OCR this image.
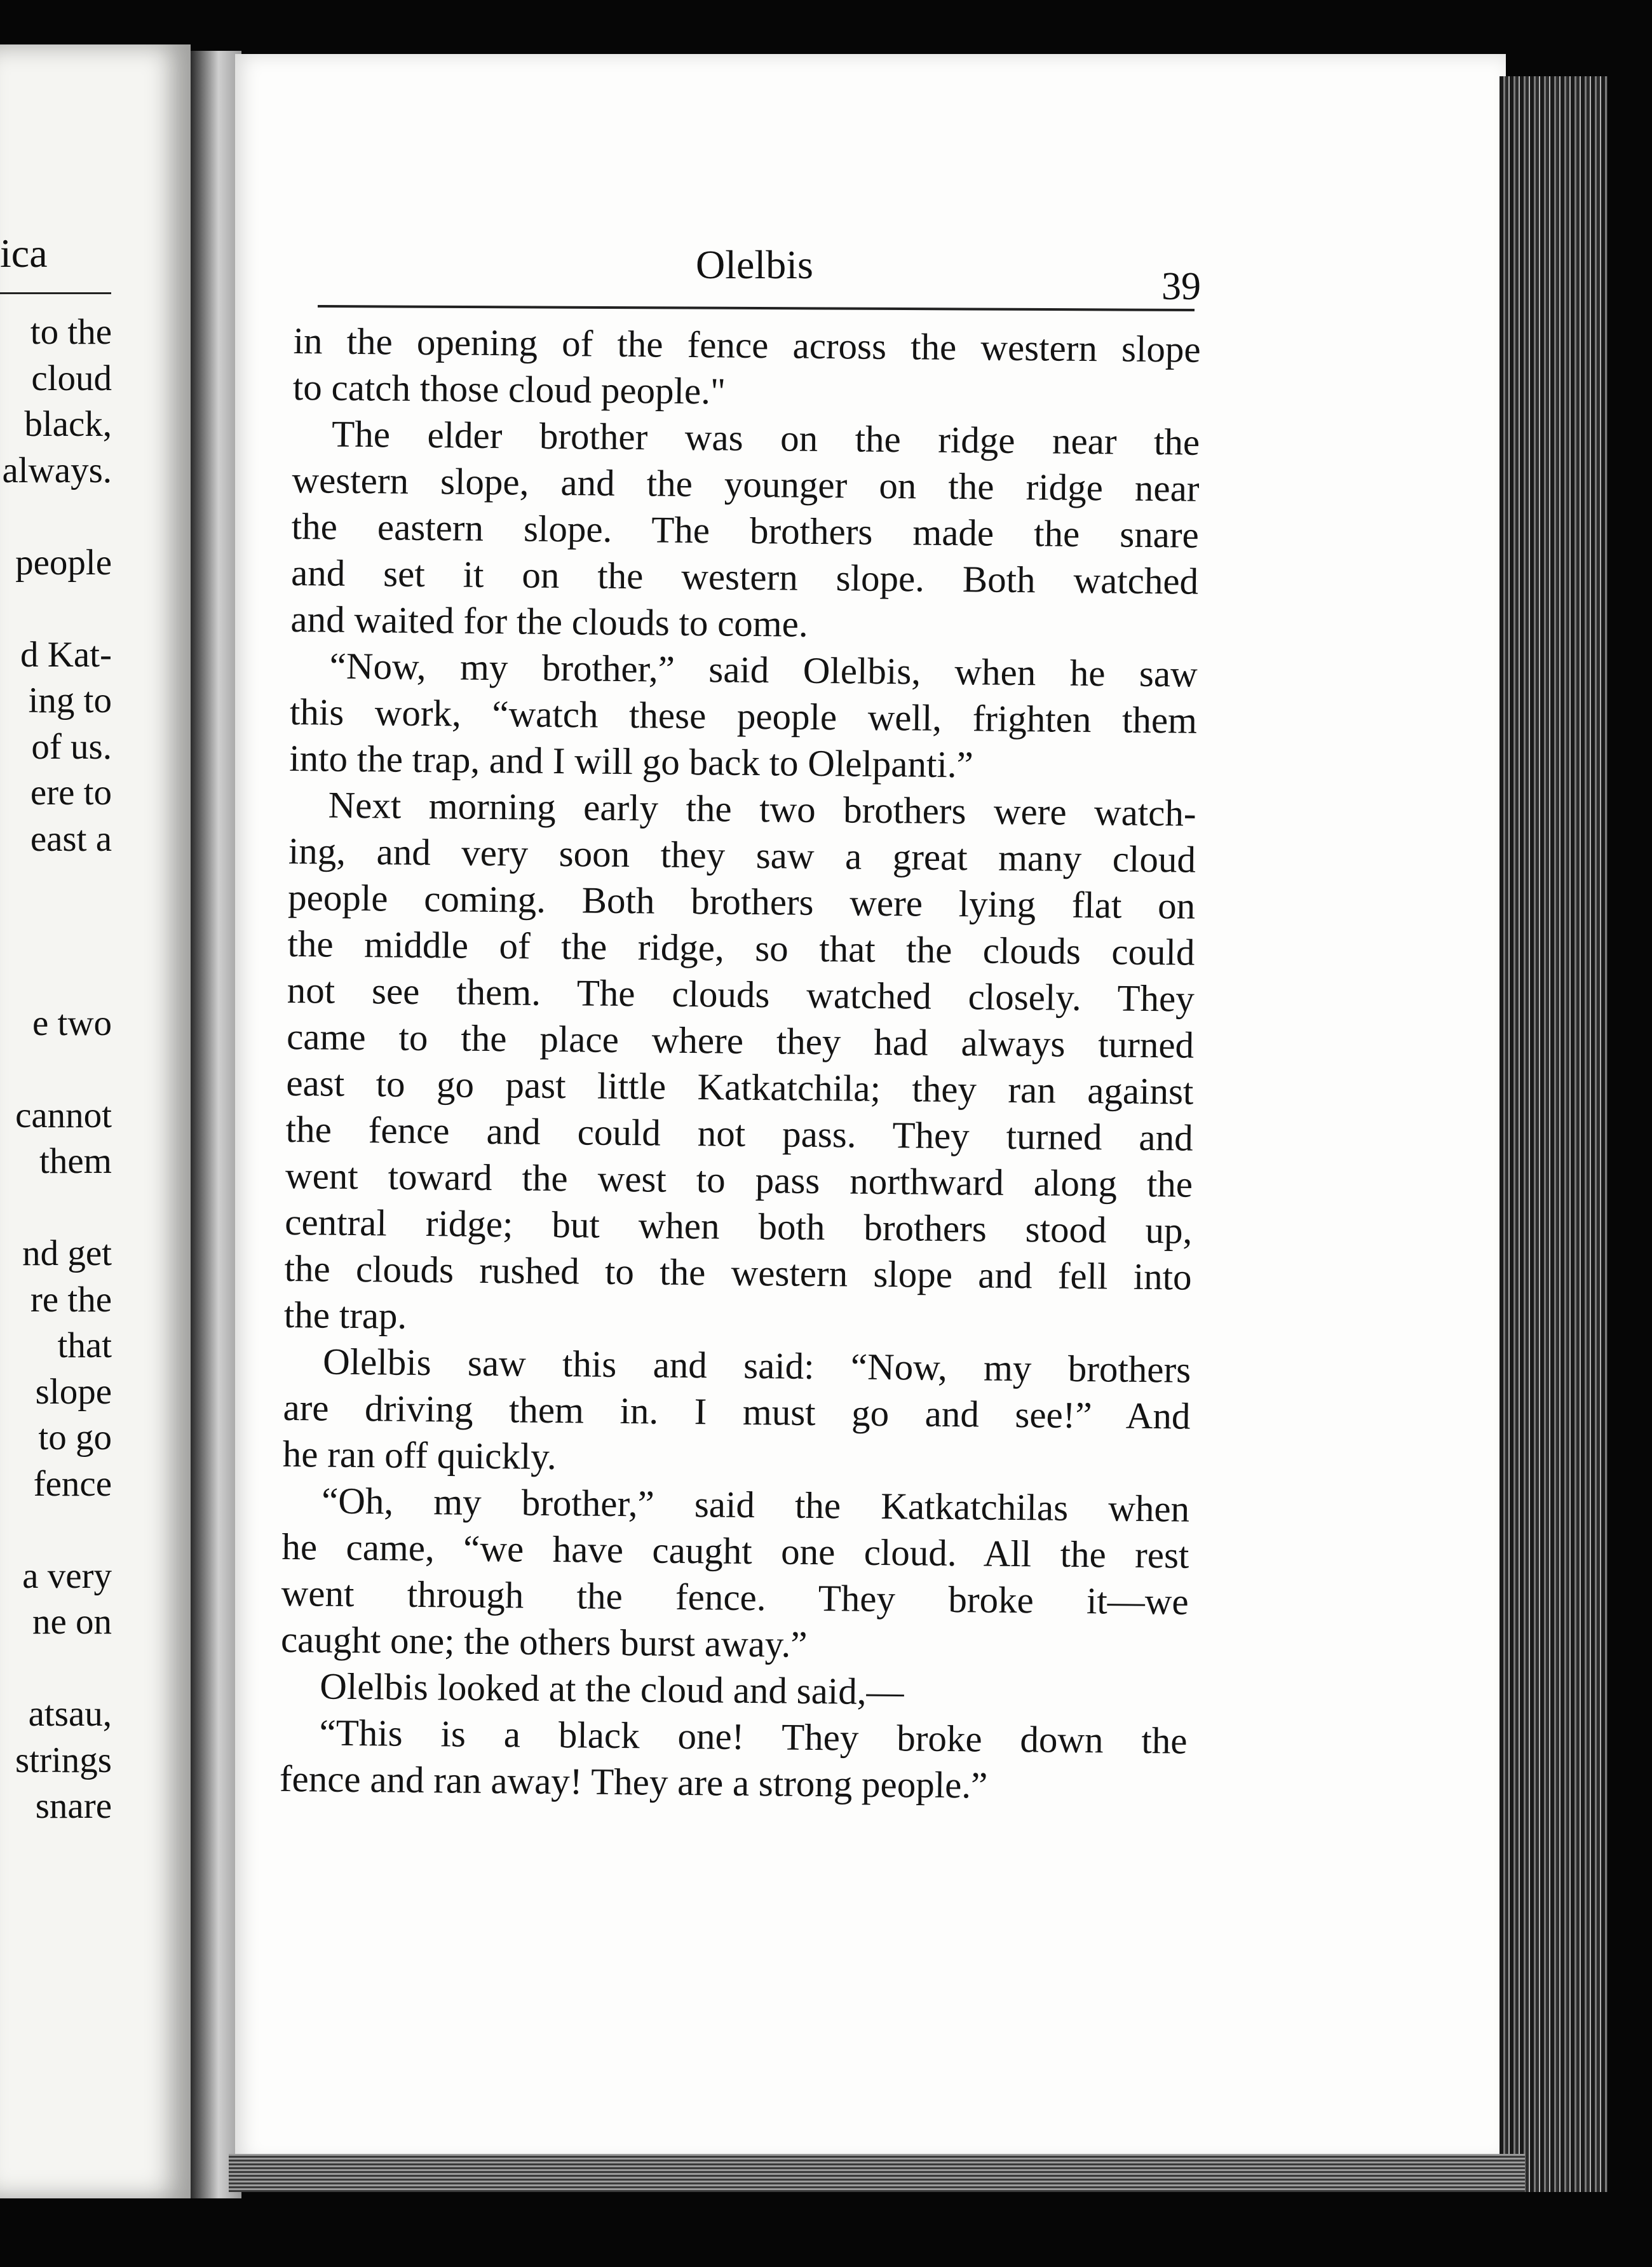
ica
to the
cloud
black,
always.
people
d Kat-
ing to
of us.
ere to
east a
e two
cannot
them
nd get
re the
that
slope
to go
fence
a very
ne on
atsau,
strings
snare
Olelbis	39
in the opening of the fence across the western slope
to catch those cloud people."
The elder brother was on the ridge near the
western slope, and the younger on the ridge near
the eastern slope. The brothers made the snare
and set it on the western slope. Both watched
and waited for the clouds to come.
“Now, my brother,” said Olelbis, when he saw
this work, “watch these people well, frighten them
into the trap, and I will go back to Olelpanti.”
Next morning early the two brothers were watch-
ing, and very soon they saw a great many cloud
people coming. Both brothers were lying flat on
the middle of the ridge, so that the clouds could
not see them. The clouds watched closely. They
came to the place where they had always turned
east to go past little Katkatchila; they ran against
the fence and could not pass. They turned and
went toward the west to pass northward along the
central ridge; but when both brothers stood up,
the clouds rushed to the western slope and fell into
the trap.
Olelbis saw this and said: “Now, my brothers
are driving them in. I must go and see!” And
he ran off quickly.
“Oh, my brother,” said the Katkatchilas when
he came, “we have caught one cloud. All the rest
went through the fence. They broke it—we
caught one; the others burst away.”
Olelbis looked at the cloud and said,—
“This is a black one! They broke down the
fence and ran away! They are a strong people.”
